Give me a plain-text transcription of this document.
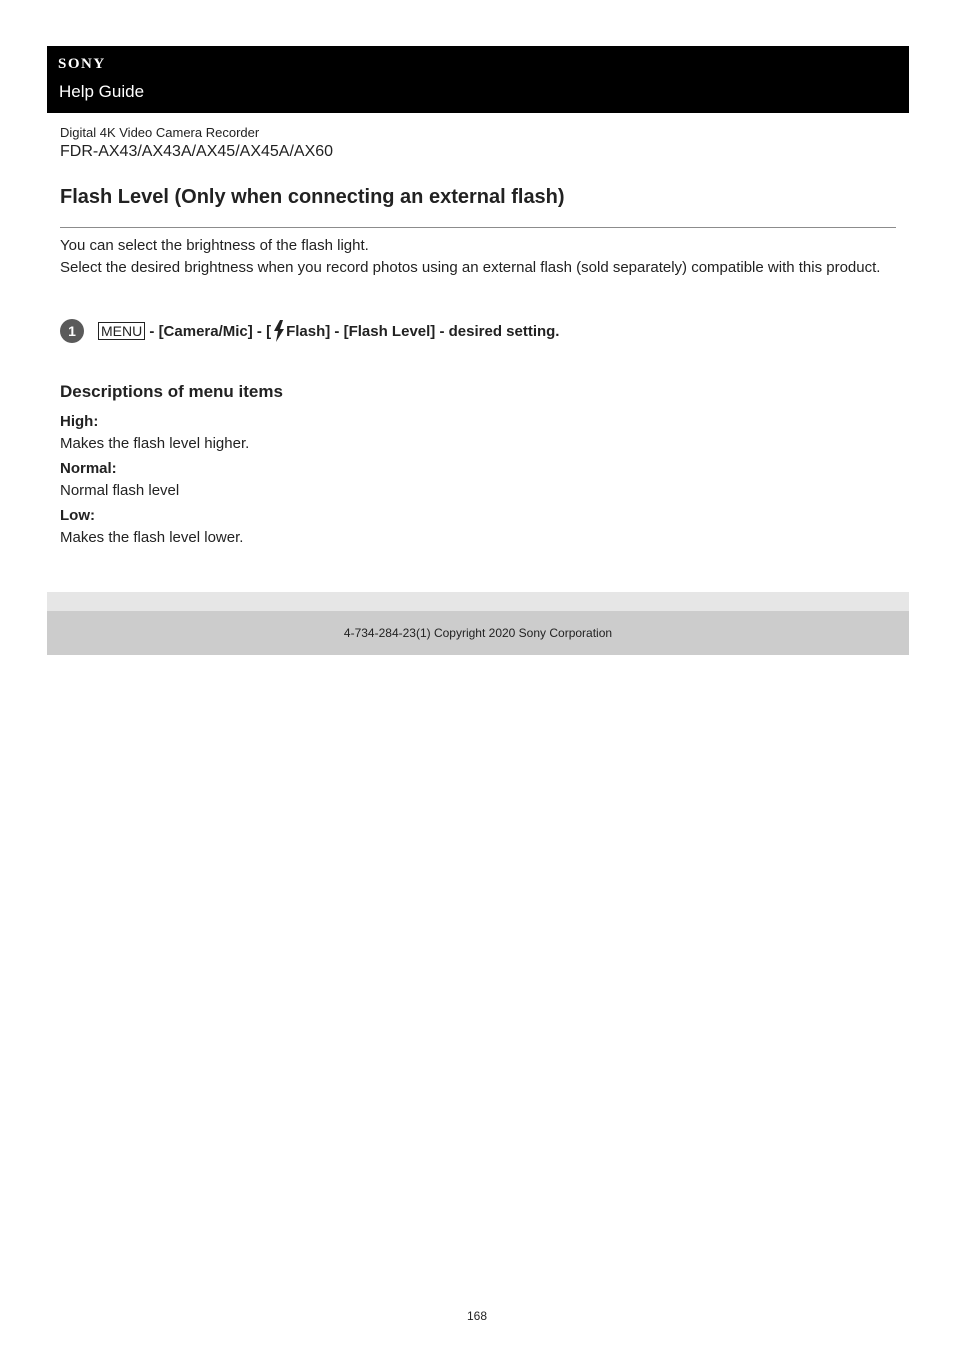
SONY
Help Guide
Digital 4K Video Camera Recorder
FDR-AX43/AX43A/AX45/AX45A/AX60
Flash Level (Only when connecting an external flash)

You can select the brightness of the flash light.

Select the desired brightness when you record photos using an external flash (sold separately) compatible with this product.

1	MENU - [Camera/Mic] - [ Flash] - [Flash Level] - desired setting.
Descriptions of menu items
High:
Makes the flash level higher.
Normal:
Normal flash level
Low:
Makes the flash level lower.
4-734-284-23(1) Copyright 2020 Sony Corporation
168
